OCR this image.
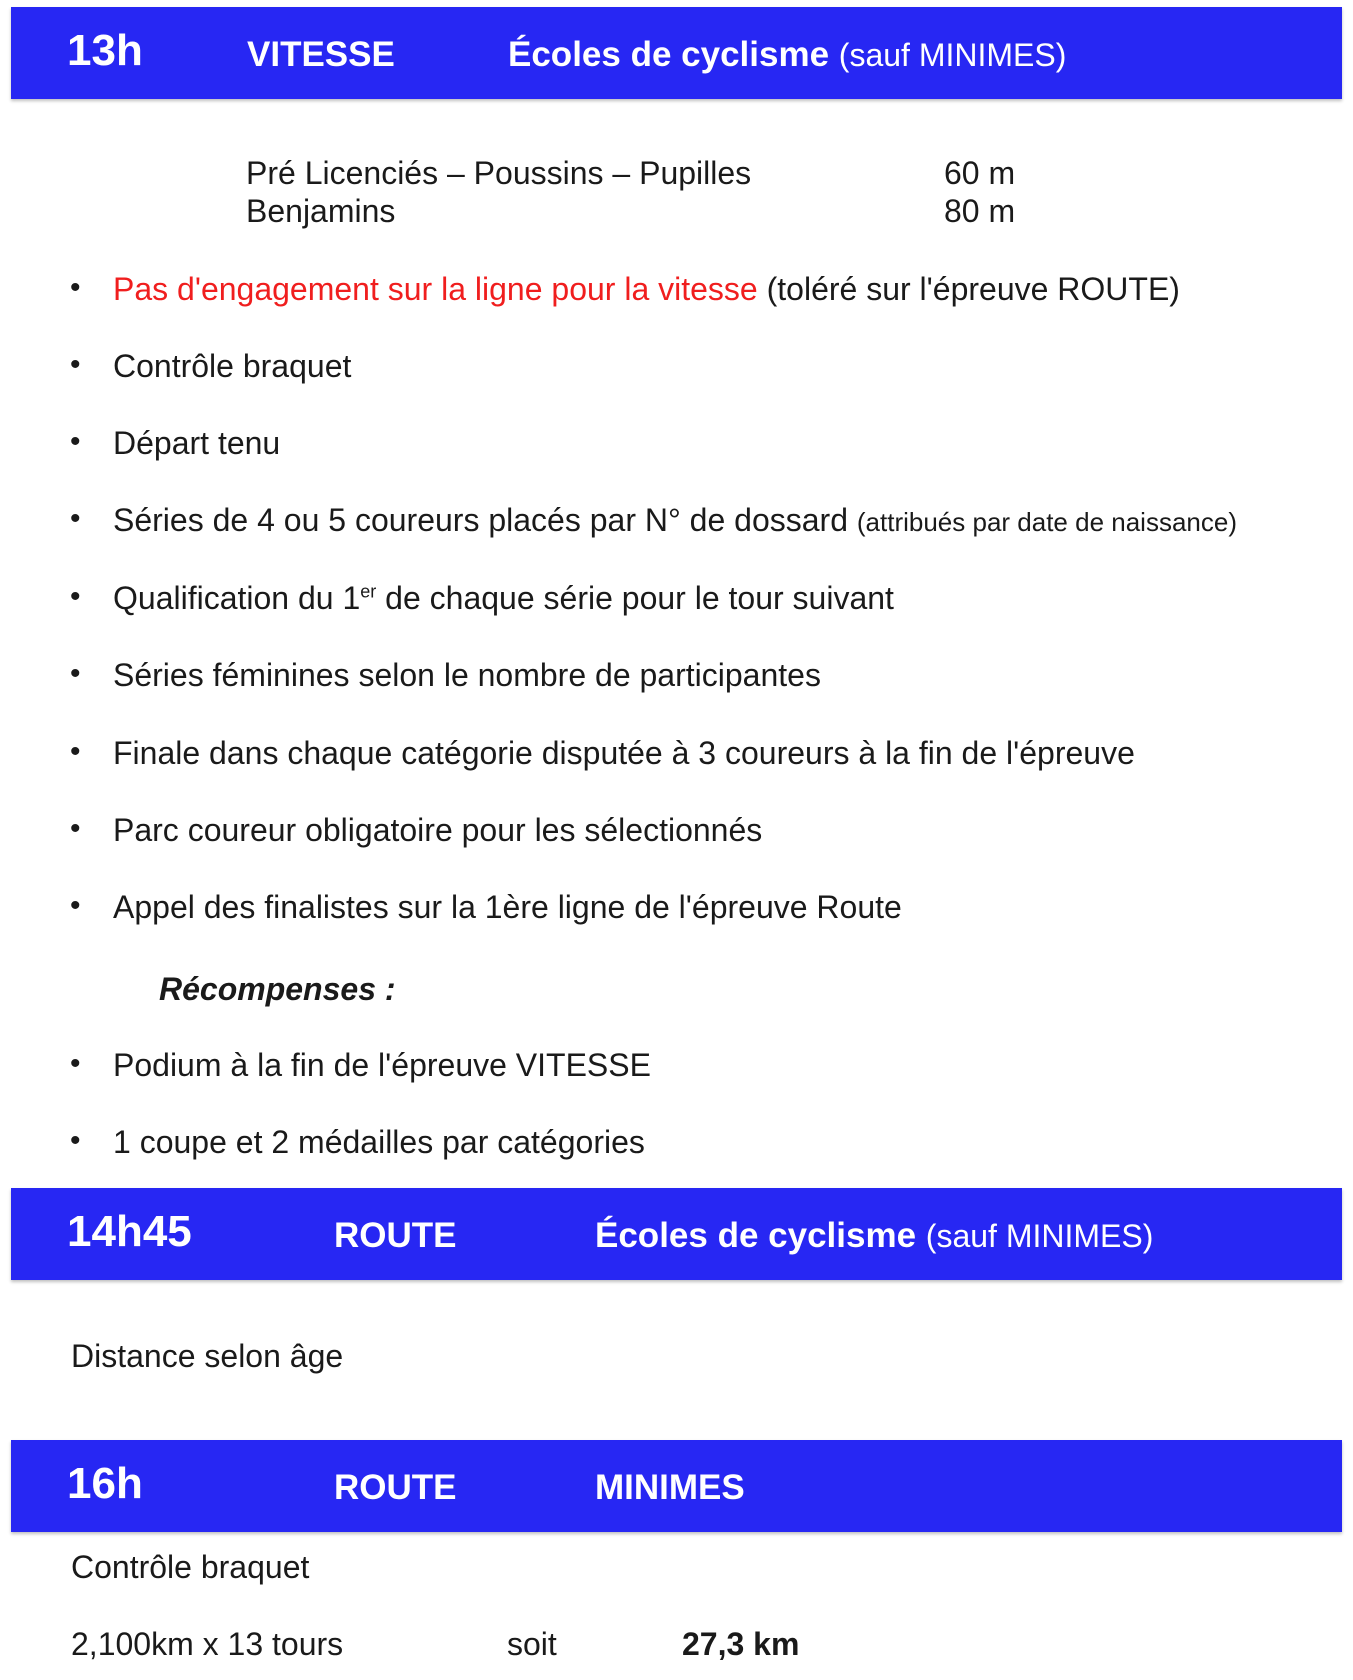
13h	VITESSE	Écoles de cyclisme (sauf MINIMES)
Pré Licenciés – Poussins – Pupilles	60 m
Benjamins	80 m
• Pas d'engagement sur la ligne pour la vitesse (toléré sur l'épreuve ROUTE)
• Contrôle braquet
• Départ tenu
• Séries de 4 ou 5 coureurs placés par N° de dossard (attribués par date de naissance)
• Qualification du 1er de chaque série pour le tour suivant
• Séries féminines selon le nombre de participantes
• Finale dans chaque catégorie disputée à 3 coureurs à la fin de l'épreuve
• Parc coureur obligatoire pour les sélectionnés
• Appel des finalistes sur la 1ère ligne de l'épreuve Route
Récompenses :
• Podium à la fin de l'épreuve VITESSE
• 1 coupe et 2 médailles par catégories
14h45	ROUTE	Écoles de cyclisme (sauf MINIMES)
Distance selon âge
16h	ROUTE	MINIMES
Contrôle braquet
2,100km x 13 tours	soit	27,3 km
